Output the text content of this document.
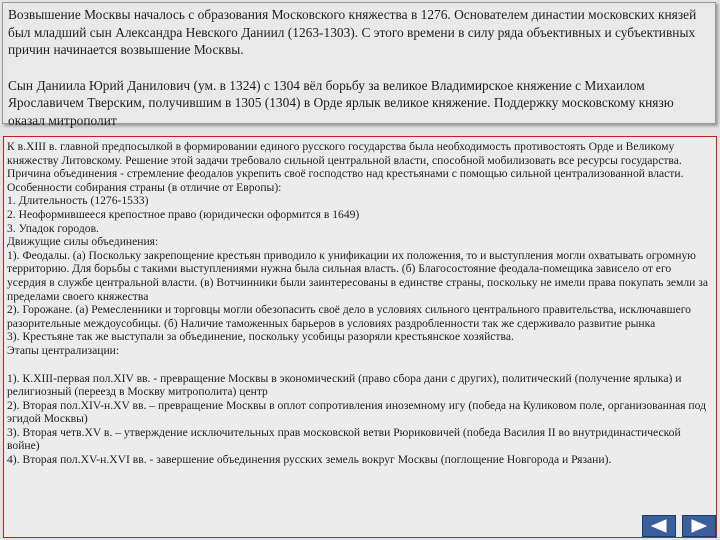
Возвышение Москвы началось с образования Московского княжества в 1276. Основателем династии московских князей был младший сын Александра Невского Даниил (1263-1303). С этого времени в силу ряда объективных и субъективных причин начинается возвышение Москвы.

Сын Даниила Юрий Данилович (ум. в 1324) с 1304 вёл борьбу за великое Владимирское княжение с Михаилом Ярославичем Тверским, получившим в 1305 (1304) в Орде ярлык великое княжение. Поддержку московскому князю оказал митрополит

К в.XIII в. главной предпосылкой в формировании единого русского государства была необходимость противостоять Орде и Великому княжеству Литовскому. Решение этой задачи требовало сильной центральной власти, способной мобилизовать все ресурсы государства.
Причина объединения - стремление феодалов укрепить своё господство над крестьянами с помощью сильной централизованной власти.
Особенности собирания страны (в отличие от Европы):
1. Длительность (1276-1533)
2. Неоформившееся крепостное право (юридически оформится в 1649)
3. Упадок городов.
Движущие силы объединения:
1). Феодалы. (а) Поскольку закрепощение крестьян приводило к унификации их положения, то и выступления могли охватывать огромную территорию. Для борьбы с такими выступлениями нужна была сильная власть. (б) Благосостояние феодала-помещика зависело от его усердия в службе центральной власти. (в) Вотчинники были заинтересованы в единстве страны, поскольку не имели права покупать земли за пределами своего княжества
2). Горожане. (а) Ремесленники и торговцы могли обезопасить своё дело в условиях сильного центрального правительства, исключавшего разорительные междоусобицы. (б) Наличие таможенных барьеров в условиях раздробленности так же сдерживало развитие рынка
3). Крестьяне так же выступали за объединение, поскольку усобицы разоряли крестьянское хозяйства.
Этапы централизации:
1). К.XIII-первая пол.XIV вв. - превращение Москвы в экономический (право сбора дани с других), политический (получение ярлыка) и религиозный (переезд в Москву митрополита) центр
2). Вторая пол.XIV-н.XV вв. – превращение Москвы в оплот сопротивления иноземному игу (победа на Куликовом поле, организованная под эгидой Москвы)
3). Вторая четв.XV в. – утверждение исключительных прав московской ветви Рюриковичей (победа Василия II во внутридинастической войне)
4). Вторая пол.XV-н.XVI вв. - завершение объединения русских земель вокруг Москвы (поглощение Новгорода и Рязани).
